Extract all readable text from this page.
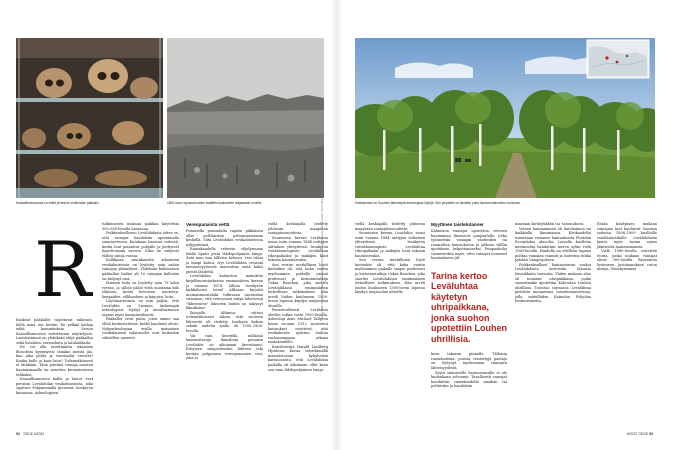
Kansallismuseossa on esillä yhdessä Leväluhdan pääkallo.	1800-luvun lopussa kuiden epälittiin kaukaneen nuljasadan uhreille.
R

Ruskeat pääkallot tuijottavat tuikeasti. Kyllä minä sen kestän. En pelkää kalloja enkä kummituksia. Seison Kansallismuseon esihistorian näyttelyssä. Lasivitriinissä on yhdeksän eläjä pääkalloa sekä listaluita, raesuoluita ja kaulanikaita.

En voi olla miettimättä tikaisista filosofista kysymystä: tämäkö meistä jää, kun aika jättää ja vuosisadat vierivät? Kuuka kallo ja kasa luita? Todennäköisesti ei tätäkään. Tänä päivänä vainaja mautuu hautausmaalla tai muuttuu krematoriossa tuhkaksi.

Kansallismuseon kallot ja luurot ovat peräisin Leväluhdan vesikalmistosta, joka sijaitsee Pohjanmaalla pienessä Isonkyrön kunnassa. Arkeologisen

tutkimusten mukaan paikkaa käytettiin 300–800-luvulla hautauna.

Poikkeukselliseni Leväluhdasta tekee se, että vainajat haudattiin upottamalla suuntuovenen. Kuinkaan haavoat vedessä, mutta luut painuivat pohjalle ja peittyivät hapettomaan saveen. Siksi ne säilyivät elähtä satoja vuosia.

Kallikiaan suutakauden aikaisesta vesikalmistosta on löydetty noin sadan vainajan jäännökset. Yhdeksän kokonaisen pääkallon lisäksi yli 10 vainajan kalloista on säilynyt osia.

Ihmisen luita on löydetty noin 75 kiloa verran, ja silloin pääle vielä muutama kilo eläimen, kuten hevosten, nauteten, lampaiden, villihanhien ja kanojen, luita.

Löytömateriasta on niin paljon, että Leväluhta on Suomen tärkeimpiä arkeologisia löytöjä ja ainutlaatuinen tapaus myös kansainvälisesti.

Pääkallot eivät puhu, joten emme saa elhtä keskustettäisä, ketkä haudatut olivat. Nykyarkeologian avulla muinaisen vesikalmiston salaisuudet ovat kuitenkin vähitellen aueneet.

Verenpunaista vettä

Punaisella puusadalla rajattu pikkuinen allas pellolaisten peltomaisemasin keskellä. Siitä Leväluhdan vesikalmistossa nykypäivänä.

Rautakaudella rehevän viljelysmaan tilalla lipatti pieni lähdepohjainen lampi. Siitä mun nuu hilliöen kehossi, vesi vähni ja lampi katosi. Nyt Leväluhdan vesiesiä mennesvyyteestä muistuttaa enää kaksi pientä lähdettä.

Leväluhdan kalmiston mainittiin kirjallisuusetarkeissa ensimmäisen kerran jo vuonna 1674. Silloin Isonkyrön kirkkoherra Israel Alftanus kirjoitti muinaismuistolaki tutkivaan rautatalan virastoon, että veteryvaen niityn läheisessä "lähteeseen" lukuvien luiden on näkynyt kikuikoina".

Ikäajolla Alftanus viittasi todennäköisesti siihen, että suolesta lähteestä oli tiedetty Isonkyön kaksin sekaki uudelta ajalta eli 1500–1800-luvulla.

Vai vain kuvitella, millaisia kammottavoja ihmisluita punuava Leväluhta on aikoinaan kirvottanut. Erityisen salaperäiseksi lähteen teki kevään pulppuava verenpunainen vesi, joka ei

viellä keskiajalla tiedetty johtuvan maaperän rautapitoisuudesta.

Seuraavan kerran Leväluhta nousi esiin vuonna 1884 niittyjen siittalaen yhteydessä. Isonkyrön veistäämiesopisto Leväluhtaa rikospaikaksi ja mäkäjen haut takasin hautatarvaksi.

Sen verran merkillinen löytö kuitenkin oli, että kuka vuutta myöhemmin paikalle saapui professori ja historiantutkija Oskar Rancken, joka suoritti Leväluhdassa ensimmäisen tieteellisen tutkimuksen. Hän arveli luiden kuuluneen 1500-luvun lopussa käydyn nuijasodan uhreille.

Perusteellisesti Leväluhta alettiin tutkia vasta 1900-luvulla. Arkeologi Arne Michael Tallgren kenia vuonna 1912 suoritetut kaivaukset osoittivat, että vesikalmisto ajoittuu luultua varhaisempaan aikaan rautakaudelle.

Kaivitteistijä Harald Lindberg Hyödensi kuvaa selvittämällä maasiästorian kyliyheistä kaivinossista, että Leväluhdan paikalla oli aikoinaan ollut kaan osa vaan lähdepohjainen lampi.

52 TIEDE 6/2022
Vesikalmisto on Suomen tärkeimpiä arkeologisia löytöjä. Sen ympärille on istutettu puita hautaa tutkineiden muistoksi.

viellä keskiajalla tiedetty johtuvan maaperän rautapitoisuudesta.

Seuraavan kerran Leväluhta nousi esiin vuonna 1884 niittyjen siittalaen yhteydessä. Isonkyrön veistäämiesopisto Leväluhtaa rikospaikaksi ja mäkäjen haut takasin hautatarvaksi.

Sen verran merkillinen löytö kuitenkin oli, että kuka vuutta myöhemmin paikalle saapui professori ja historiantutkija Oskar Rancken, joka suoritti Leväluhdassa ensimmäisen tieteellisen tutkimuksen. Hän arveli luiden kuuluneen 1500-luvun lopussa käydyn nuijasodan uhreille.

Myyttinen taistelutanner

Kalmiston vainajat upotettiin veteeen hautaamaa ilmeisesti puupaalulla, jotka työnnettiin vainajan vaatteiden tai ruumiitten kaivaukseen ja jalkoen välllin upotuksen helpottamiseksi. Puupaaluiha varmistettiin myös, ettei vainajat nousseet hautaukseen jäl-

Tarina kertoo Leväluhtaa käytetyn uhripaikkana, jonka suohon upotettiin Louhen uhrillisia.

keen takaisin pinnalle. Tällaisia rautakautisia, puusta veistettyjä paaluja on löytynyt myöhemmin vainajien lähteisyydestä.

Syytä omituiselle hautaustavalle ei ole kuitenkaan selvinnyt. Tavallisesti vainajat haudattiin rautakaudella maahan tai polttettiin ja haudattiin

maataan kivilöytikkön tai -tatomuksen.

Veteen hautaaminen oli harvinainen tai kaikkialla länsimaissa. Kivikaudelta tunnetaan vastaava hautauksista Floridan Evergladen alueelta. Laivalla kuolleita merimiehiä haudattiin meren syliin vielä 1960-luvulla. Hindulla on edelleen tapana polttaa vainajan ruumiit ja isoterina tuhka pyhään Gangesjokeen.

Poikkeukselliset hautaustavan voakoi Leväluhdasta kerrottiin lukuisia lennokkaita tarinoita. Yhden mukaan alue oli toiminut uhripaikkana, jonka suonsilmäke upotettiin Kalevalan Louhen uhrillisia. Toisessa tarinassa Leväluhtaa pidettiin muinaisena taistelutannerenna, jolla miitelliiden Kainulan Pohjolan hermustaneita.

Erään käsityksen mukaan vainajien luut kuuluivat Suomen sodassa 1808–1809 kuolleille venäläissotilaille. Leväluhdasta kierei myös tarina orjien jäänteistä hautausmaasta.

Vielä 1980-luvulla esitettiin teoria, jonka mukaan vainajat olivat 300-luvulla Bysantiota levinneen Justinianuksen ruton uhreja. Vasiskyrmmen

6/2022 TIEDE 53
Kuvat: Ville Mäki/Otava, Mikko Ylitalo/Museovirasto (Kansatieteellinen osasto/ Museovirasto. Kuva: Kirsi-Kiviniemi Hanssa)
